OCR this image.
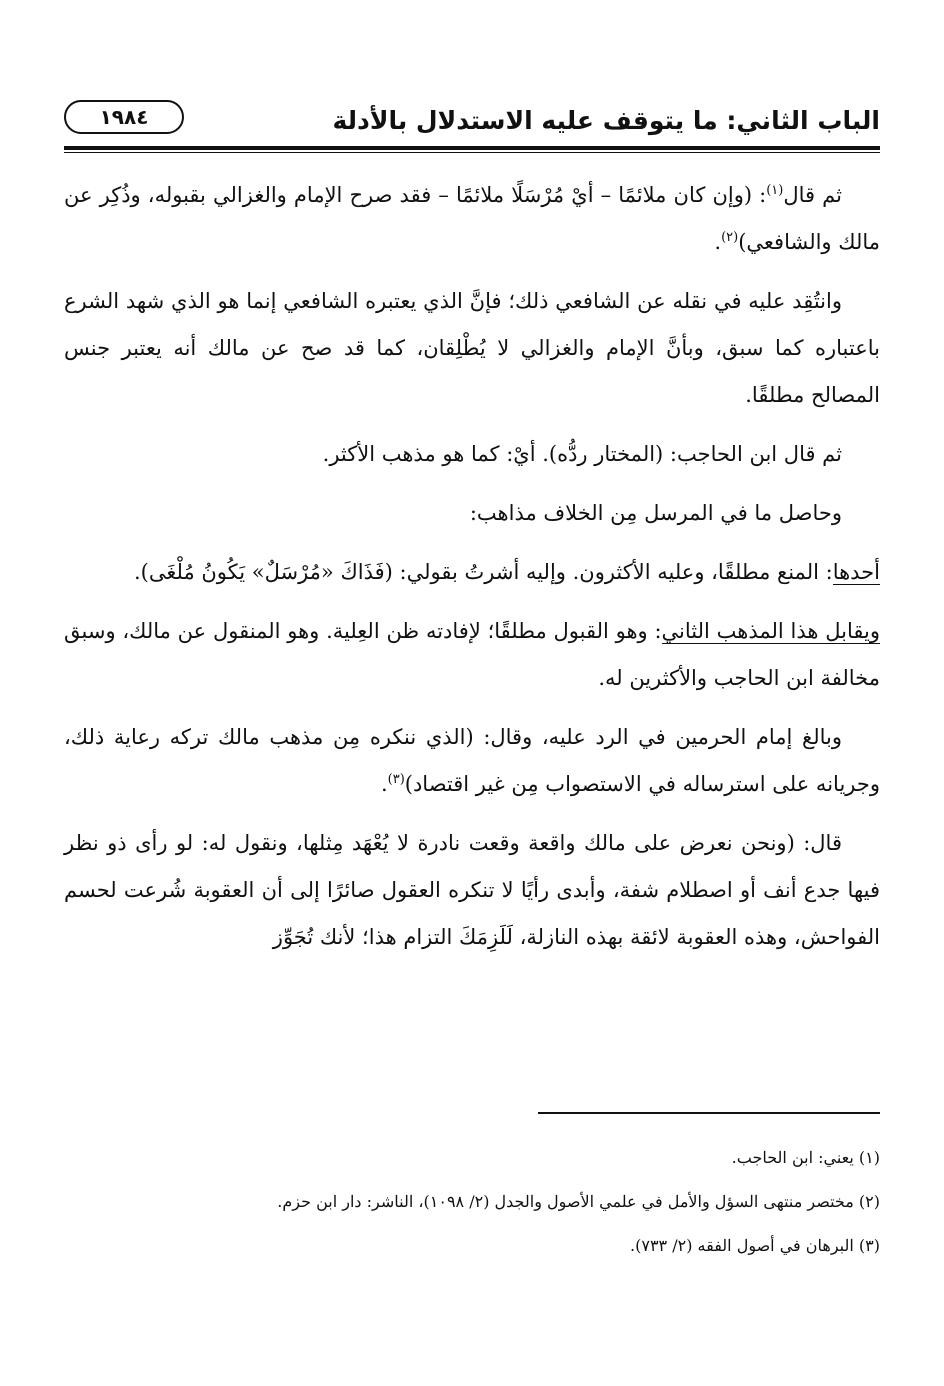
الباب الثاني: ما يتوقف عليه الاستدلال بالأدلة
١٩٨٤

ثم قال$^{(١)}$: (وإن كان ملائمًا – أيْ مُرْسَلًا ملائمًا – فقد صرح الإمام والغزالي بقبوله، وذُكِر عن مالك والشافعي)$^{(٢)}$.

وانتُقِد عليه في نقله عن الشافعي ذلك؛ فإنَّ الذي يعتبره الشافعي إنما هو الذي شهد الشرع باعتباره كما سبق، وبأنَّ الإمام والغزالي لا يُطْلِقان، كما قد صح عن مالك أنه يعتبر جنس المصالح مطلقًا.

ثم قال ابن الحاجب: (المختار ردُّه). أيْ: كما هو مذهب الأكثر.

وحاصل ما في المرسل مِن الخلاف مذاهب:

أحدها: المنع مطلقًا، وعليه الأكثرون. وإليه أشرتُ بقولي: (فَذَاكَ «مُرْسَلٌ» يَكُونُ مُلْغَى).

ويقابل هذا المذهب الثاني: وهو القبول مطلقًا؛ لإفادته ظن العِلية. وهو المنقول عن مالك، وسبق مخالفة ابن الحاجب والأكثرين له.

وبالغ إمام الحرمين في الرد عليه، وقال: (الذي ننكره مِن مذهب مالك تركه رعاية ذلك، وجريانه على استرساله في الاستصواب مِن غير اقتصاد)$^{(٣)}$.

قال: (ونحن نعرض على مالك واقعة وقعت نادرة لا يُعْهَد مِثلها، ونقول له: لو رأى ذو نظر فيها جدع أنف أو اصطلام شفة، وأبدى رأيًا لا تنكره العقول صائرًا إلى أن العقوبة شُرعت لحسم الفواحش، وهذه العقوبة لائقة بهذه النازلة، لَلَزِمَكَ التزام هذا؛ لأنك تُجَوِّز

(١) يعني: ابن الحاجب.

(٢) مختصر منتهى السؤل والأمل في علمي الأصول والجدل (٢/ ١٠٩٨)، الناشر: دار ابن حزم.

(٣) البرهان في أصول الفقه (٢/ ٧٣٣).
